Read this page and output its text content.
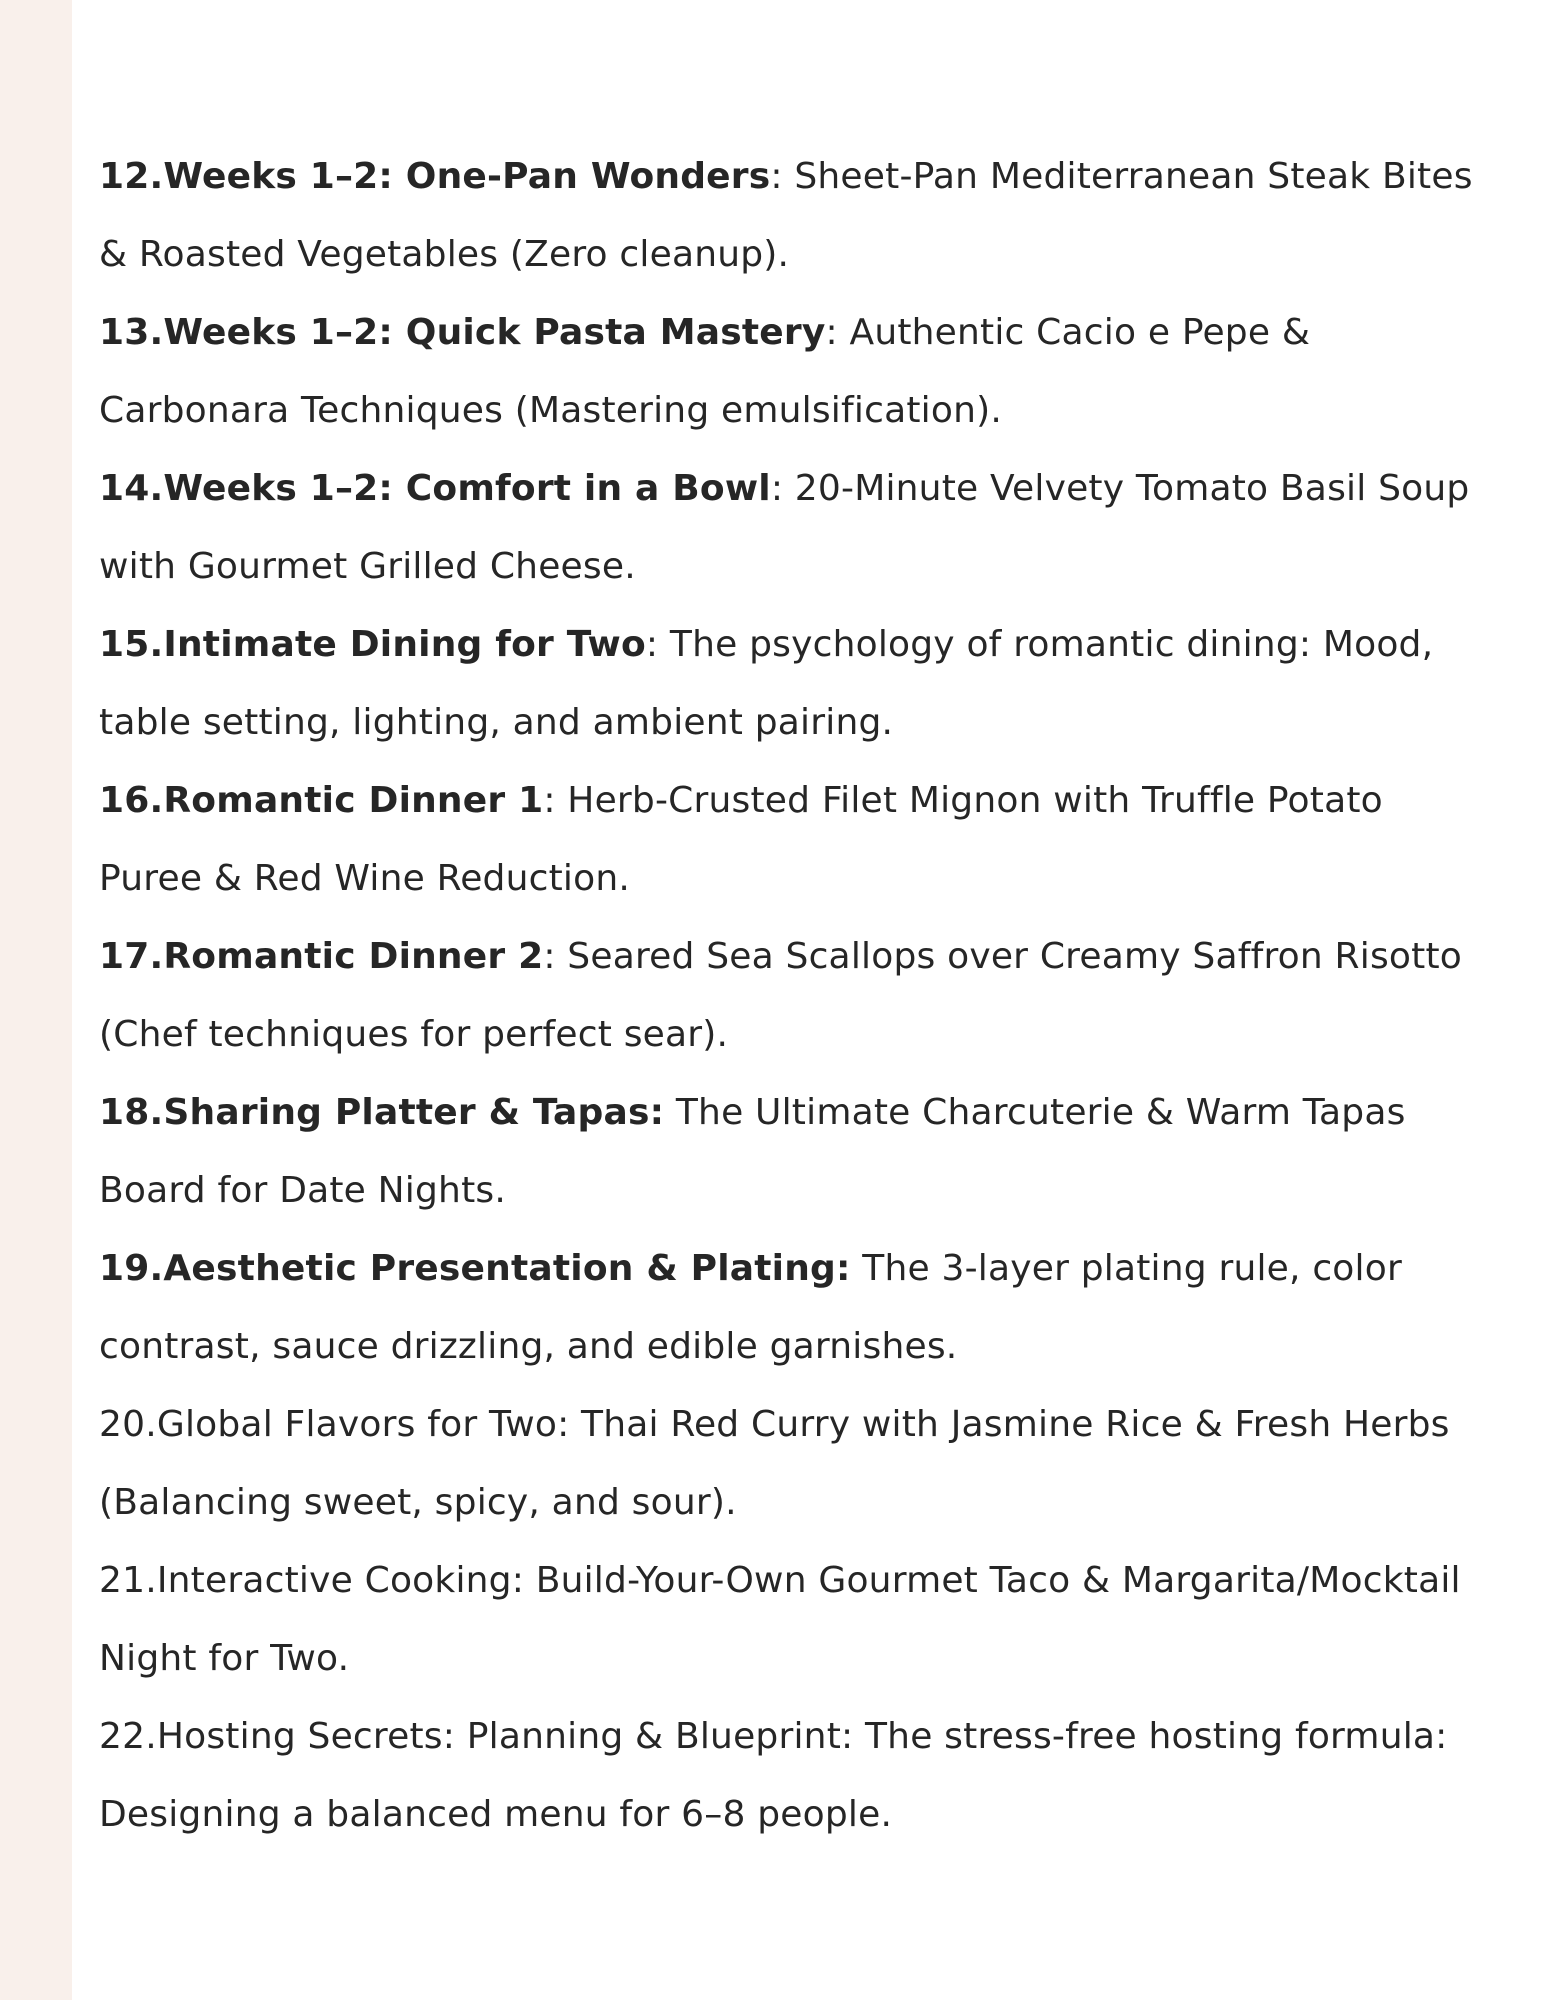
12.Weeks 1–2: One-Pan Wonders: Sheet-Pan Mediterranean Steak Bites & Roasted Vegetables (Zero cleanup).

13.Weeks 1–2: Quick Pasta Mastery: Authentic Cacio e Pepe & Carbonara Techniques (Mastering emulsification).

14.Weeks 1–2: Comfort in a Bowl: 20-Minute Velvety Tomato Basil Soup with Gourmet Grilled Cheese.

15.Intimate Dining for Two: The psychology of romantic dining: Mood, table setting, lighting, and ambient pairing.

16.Romantic Dinner 1: Herb-Crusted Filet Mignon with Truffle Potato Puree & Red Wine Reduction.

17.Romantic Dinner 2: Seared Sea Scallops over Creamy Saffron Risotto (Chef techniques for perfect sear).

18.Sharing Platter & Tapas: The Ultimate Charcuterie & Warm Tapas Board for Date Nights.

19.Aesthetic Presentation & Plating: The 3-layer plating rule, color contrast, sauce drizzling, and edible garnishes.

20.Global Flavors for Two: Thai Red Curry with Jasmine Rice & Fresh Herbs (Balancing sweet, spicy, and sour).

21.Interactive Cooking: Build-Your-Own Gourmet Taco & Margarita/Mocktail Night for Two.

22.Hosting Secrets: Planning & Blueprint: The stress-free hosting formula: Designing a balanced menu for 6–8 people.
